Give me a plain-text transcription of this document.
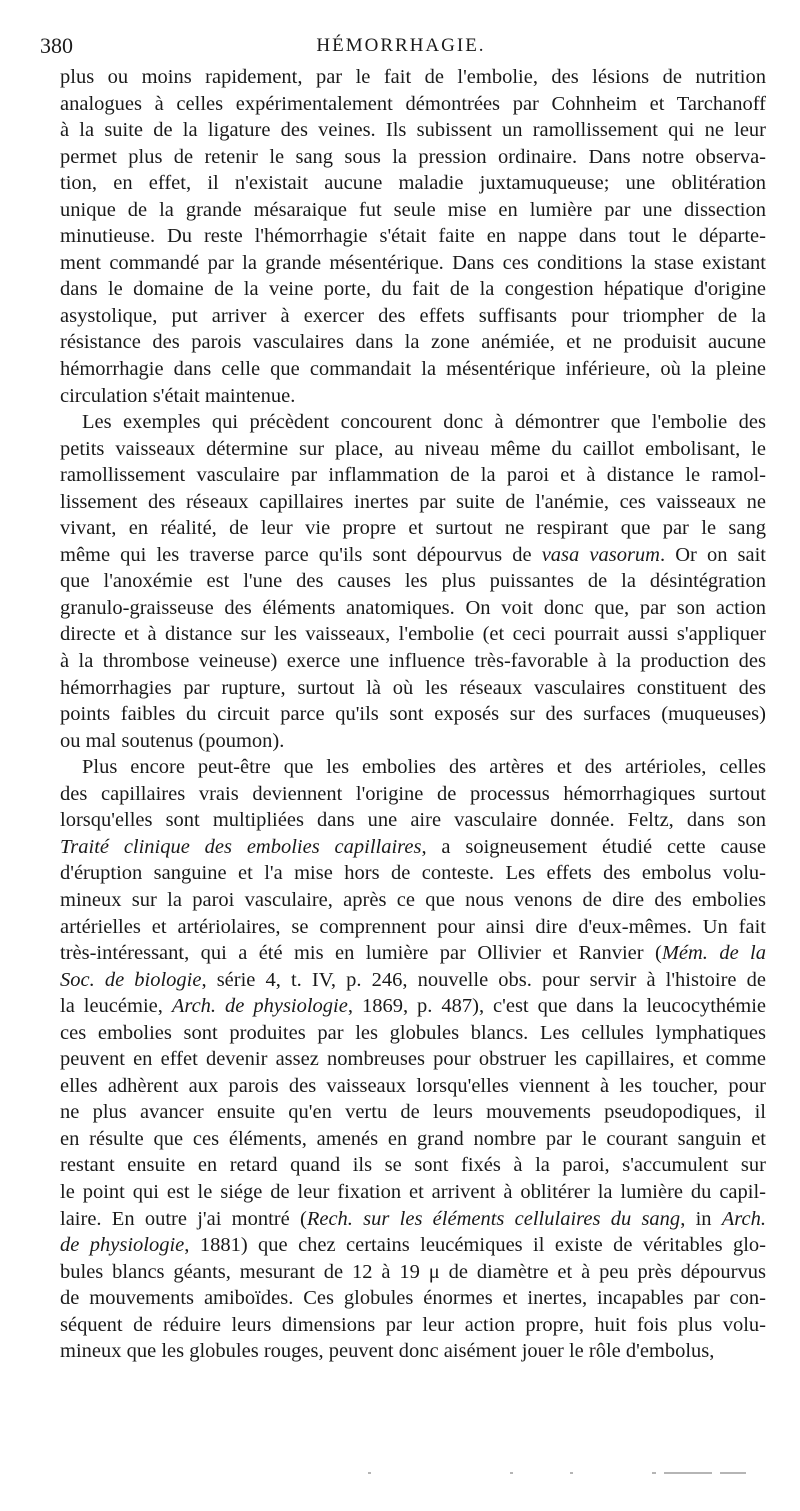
380	HÉMORRHAGIE.
plus ou moins rapidement, par le fait de l'embolie, des lésions de nutrition
analogues à celles expérimentalement démontrées par Cohnheim et Tarchanoff
à la suite de la ligature des veines. Ils subissent un ramollissement qui ne leur
permet plus de retenir le sang sous la pression ordinaire. Dans notre observa-
tion, en effet, il n'existait aucune maladie juxtamuqueuse; une oblitération
unique de la grande mésaraique fut seule mise en lumière par une dissection
minutieuse. Du reste l'hémorrhagie s'était faite en nappe dans tout le départe-
ment commandé par la grande mésentérique. Dans ces conditions la stase existant
dans le domaine de la veine porte, du fait de la congestion hépatique d'origine
asystolique, put arriver à exercer des effets suffisants pour triompher de la
résistance des parois vasculaires dans la zone anémiée, et ne produisit aucune
hémorrhagie dans celle que commandait la mésentérique inférieure, où la pleine
circulation s'était maintenue.
Les exemples qui précèdent concourent donc à démontrer que l'embolie des
petits vaisseaux détermine sur place, au niveau même du caillot embolisant, le
ramollissement vasculaire par inflammation de la paroi et à distance le ramol-
lissement des réseaux capillaires inertes par suite de l'anémie, ces vaisseaux ne
vivant, en réalité, de leur vie propre et surtout ne respirant que par le sang
même qui les traverse parce qu'ils sont dépourvus de vasa vasorum. Or on sait
que l'anoxémie est l'une des causes les plus puissantes de la désintégration
granulo-graisseuse des éléments anatomiques. On voit donc que, par son action
directe et à distance sur les vaisseaux, l'embolie (et ceci pourrait aussi s'appliquer
à la thrombose veineuse) exerce une influence très-favorable à la production des
hémorrhagies par rupture, surtout là où les réseaux vasculaires constituent des
points faibles du circuit parce qu'ils sont exposés sur des surfaces (muqueuses)
ou mal soutenus (poumon).
Plus encore peut-être que les embolies des artères et des artérioles, celles
des capillaires vrais deviennent l'origine de processus hémorrhagiques surtout
lorsqu'elles sont multipliées dans une aire vasculaire donnée. Feltz, dans son
Traité clinique des embolies capillaires, a soigneusement étudié cette cause
d'éruption sanguine et l'a mise hors de conteste. Les effets des embolus volu-
mineux sur la paroi vasculaire, après ce que nous venons de dire des embolies
artérielles et artériolaires, se comprennent pour ainsi dire d'eux-mêmes. Un fait
très-intéressant, qui a été mis en lumière par Ollivier et Ranvier (Mém. de la
Soc. de biologie, série 4, t. IV, p. 246, nouvelle obs. pour servir à l'histoire de
la leucémie, Arch. de physiologie, 1869, p. 487), c'est que dans la leucocythémie
ces embolies sont produites par les globules blancs. Les cellules lymphatiques
peuvent en effet devenir assez nombreuses pour obstruer les capillaires, et comme
elles adhèrent aux parois des vaisseaux lorsqu'elles viennent à les toucher, pour
ne plus avancer ensuite qu'en vertu de leurs mouvements pseudopodiques, il
en résulte que ces éléments, amenés en grand nombre par le courant sanguin et
restant ensuite en retard quand ils se sont fixés à la paroi, s'accumulent sur
le point qui est le siége de leur fixation et arrivent à oblitérer la lumière du capil-
laire. En outre j'ai montré (Rech. sur les éléments cellulaires du sang, in Arch.
de physiologie, 1881) que chez certains leucémiques il existe de véritables glo-
bules blancs géants, mesurant de 12 à 19 μ de diamètre et à peu près dépourvus
de mouvements amiboïdes. Ces globules énormes et inertes, incapables par con-
séquent de réduire leurs dimensions par leur action propre, huit fois plus volu-
mineux que les globules rouges, peuvent donc aisément jouer le rôle d'embolus,
